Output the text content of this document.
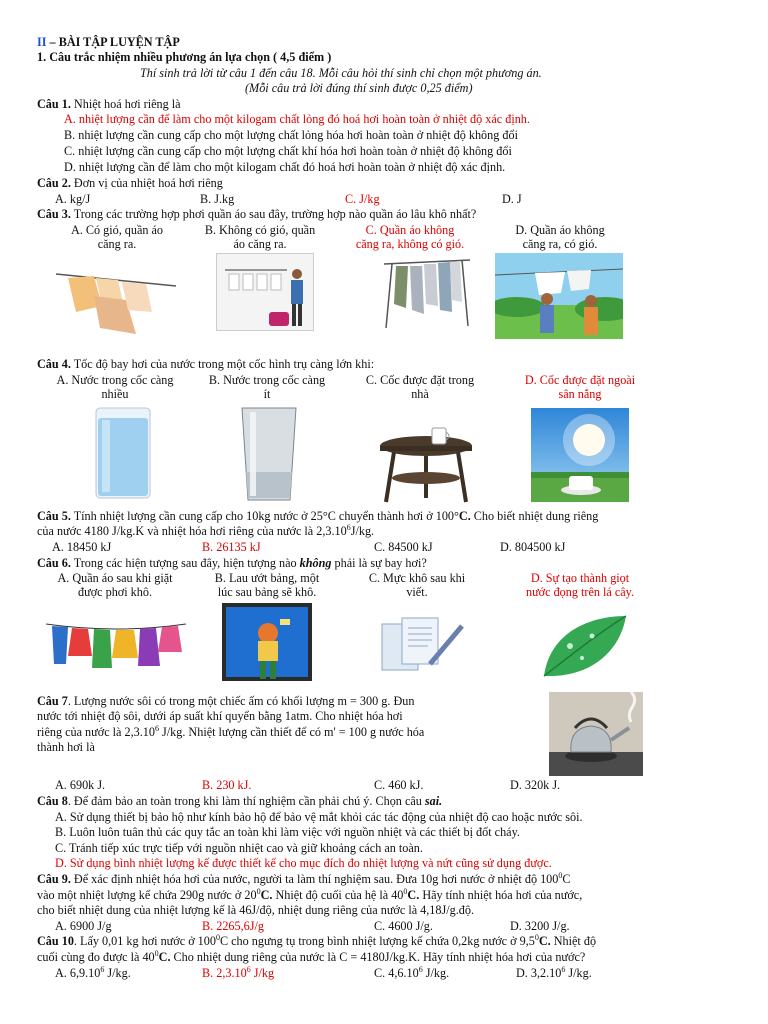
II – BÀI TẬP LUYỆN TẬP
1. Câu trắc nhiệm nhiều phương án lựa chọn ( 4,5 điểm )
Thí sinh trả lời từ câu 1 đến câu 18. Mỗi câu hỏi thí sinh chỉ chọn một phương án.
(Mỗi câu trả lời đúng thí sinh được 0,25 điểm)
Câu 1. Nhiệt hoá hơi riêng là
A. nhiệt lượng cần để làm cho một kilogam chất lỏng đó hoá hơi hoàn toàn ở nhiệt độ xác định.
B. nhiệt lượng cần cung cấp cho một lượng chất lỏng hóa hơi hoàn toàn ở nhiệt độ không đổi
C. nhiệt lượng cần cung cấp cho một lượng chất khí hóa hơi hoàn toàn ở nhiệt độ không đổi
D. nhiệt lượng cần để làm cho một kilogam chất đó hoá hơi hoàn toàn ở nhiệt độ xác định.
Câu 2. Đơn vị của nhiệt hoá hơi riêng
A. kg/J	B. J.kg	C. J/kg	D. J
Câu 3. Trong các trường hợp phơi quần áo sau đây, trường hợp nào quần áo lâu khô nhất?
A. Có gió, quần áo
căng ra.
B. Không có gió, quần
áo căng ra.
C. Quần áo không
căng ra, không có gió.
D. Quần áo không
căng ra, có gió.
Câu 4. Tốc độ bay hơi của nước trong một cốc hình trụ càng lớn khi:
A. Nước trong cốc càng
nhiều
B. Nước trong cốc càng
ít
C. Cốc được đặt trong
nhà
D. Cốc được đặt ngoài
sân nắng
Câu 5. Tính nhiệt lượng cần cung cấp cho 10kg nước ở 25°C chuyển thành hơi ở 100°C. Cho biết nhiệt dung riêng
của nước 4180 J/kg.K và nhiệt hóa hơi riêng của nước là 2,3.10$^6$J/kg.
A. 18450 kJ	B. 26135 kJ	C. 84500 kJ	D. 804500 kJ
Câu 6. Trong các hiện tượng sau đây, hiện tượng nào không phải là sự bay hơi?
A. Quần áo sau khi giặt
được phơi khô.
B. Lau ướt bảng, một
lúc sau bảng sẽ khô.
C. Mực khô sau khi
viết.
D. Sự tạo thành giọt
nước đọng trên lá cây.
Câu 7. Lượng nước sôi có trong một chiếc ấm có khối lượng m = 300 g. Đun
nước tới nhiệt độ sôi, dưới áp suất khí quyển bằng 1atm. Cho nhiệt hóa hơi
riêng của nước là 2,3.10$^6$ J/kg. Nhiệt lượng cần thiết để có m' = 100 g nước hóa
thành hơi là
A. 690k J.	B. 230 kJ.	C. 460 kJ.	D. 320k J.
Câu 8. Để đảm bảo an toàn trong khi làm thí nghiệm cần phải chú ý. Chọn câu sai.
A. Sử dụng thiết bị bảo hộ như kính bảo hộ để bảo vệ mắt khỏi các tác động của nhiệt độ cao hoặc nước sôi.
B. Luôn luôn tuân thủ các quy tắc an toàn khi làm việc với nguồn nhiệt và các thiết bị đốt cháy.
C. Tránh tiếp xúc trực tiếp với nguồn nhiệt cao và giữ khoảng cách an toàn.
D. Sử dụng bình nhiệt lượng kế được thiết kế cho mục đích đo nhiệt lượng và nứt cũng sử dụng được.
Câu 9. Để xác định nhiệt hóa hơi của nước, người ta làm thí nghiệm sau. Đưa 10g hơi nước ở nhiệt độ $100^0C$
vào một nhiệt lượng kế chứa 290g nước ở $20^0C$. Nhiệt độ cuối của hệ là $40^0C$. Hãy tính nhiệt hóa hơi của nước,
cho biết nhiệt dung của nhiệt lượng kế là 46J/độ, nhiệt dung riêng của nước là 4,18J/g.độ.
A. 6900 J/g	B. 2265,6J/g	C. 4600 J/g.	D. 3200 J/g.
Câu 10. Lấy 0,01 kg hơi nước ở $100^0C$ cho ngưng tụ trong bình nhiệt lượng kế chứa 0,2kg nước ở $9,5^0C$. Nhiệt độ
cuối cùng đo được là $40^0C$. Cho nhiệt dung riêng của nước là C = 4180J/kg.K. Hãy tính nhiệt hóa hơi của nước?
A. 6,9.10$^6$ J/kg.	B. 2,3.10$^6$ J/kg	C. 4,6.10$^6$ J/kg.	D. 3,2.10$^6$ J/kg.
